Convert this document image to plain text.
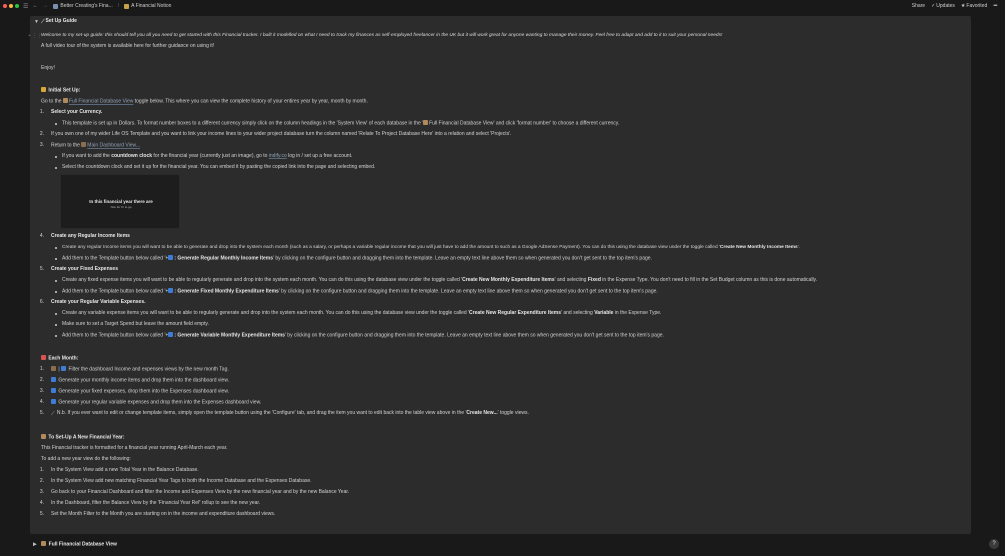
☰ ← → Better Creating's Fina... / A Financial Notion	Share ✓Updates ★Favorited •••
▼ ⟋Set Up Guide
+ ⋮⋮
Welcome to my set-up guide: this should tell you all you need to get started with this Financial tracker. I built it modelled on what I need to track my finances as self-employed freelancer in the UK but it will work great for anyone wanting to manage their money. Feel free to adapt and add to it to suit your personal needs!
A full video tour of the system is available here for further guidance on using it!
Enjoy!
Initial Set Up:
Go to the Full Financial Database View toggle below. This where you can view the complete history of your entires year by year, month by month.
1. Select your Currency.
This template is set up in Dollars. To format number boxes to a different currency simply click on the column headings in the 'System View' of each database in the ' Full Financial Database View' and click 'format number' to choose a different currency.
2. If you own one of my wider Life OS Template and you want to link your income lines to your wider project database turn the column named 'Relate To Project Database Here' into a relation and select 'Projects'.
3. Return to the Main Dashboard View...
If you want to add the countdown clock for the financial year (currently just an image), go to indify.co log in / set up a free account.
Select the countdown clock and set it up for the financial year. You can embed it by pasting the copied link into the page and selecting embed.
In this financial year there are
Nov 1k 7c to go
4. Create any Regular Income Items
Create any regular Income items you will want to be able to generate and drop into the system each month (such as a salary, or perhaps a variable regular income that you will just have to add the amount to such as a Google AdSense Payment). You can do this using the database view under the toggle called 'Create New Monthly Income Items'.
Add them to the Template button below called '+ : Generate Regular Monthly Income Items' by clicking on the configure button and dragging them into the template. Leave an empty text line above them so when generated you don't get sent to the top item's page.
5. Create your Fixed Expenses
Create any fixed expense items you will want to be able to regularly generate and drop into the system each month. You can do this using the database view under the toggle called 'Create New Monthly Expenditure Items' and selecting Fixed in the Expense Type. You don't need to fill in the Set Budget column as this is done automatically.
Add them to the Template button below called '+ : Generate Fixed Monthly Expenditure Items' by clicking on the configure button and dragging them into the template. Leave an empty text line above them so when generated you don't get sent to the top item's page.
6. Create your Regular Variable Expenses.
Create any variable expense items you will want to be able to regularly generate and drop into the system each month. You can do this using the database view under the toggle called 'Create New Regular Expenditure Items' and selecting Variable in the Expense Type.
Make sure to set a Target Spend but leave the amount field empty.
Add them to the Template button below called '+ : Generate Variable Monthly Expenditure Items' by clicking on the configure button and dragging them into the template. Leave an empty text line above them so when generated you don't get sent to the top item's page.
Each Month:
1.	|  Filter the dashboard Income and expenses views by the new month Tag.
2.	Generate your monthly income items and drop them into the dashboard view.
3.	Generate your fixed expenses, drop them into the Expenses dashboard view.
4.	Generate your regular variable expenses and drop them into the Expenses dashboard view.
5. ⟋ N.b. If you ever want to edit or change template items, simply open the template button using the 'Configure' tab, and drag the item you want to edit back into the table view above in the 'Create New...' toggle views.
To Set-Up A New Financial Year:
This Financial tracker is formatted for a financial year running April-March each year.
To add a new year view do the following:
1. In the System View add a new Total Year in the Balance Database.
2. In the System View add new matching Financial Year Tags to both the Income Database and the Expenses Database.
3. Go back to your Financial Dashboard and filter the Income and Expenses View by the new financial year and by the new Balance Year.
4. In the Dashboard, filter the Balance View by the 'Financial Year Ref' rollup to see the new year.
5. Set the Month Filter to the Month you are starting on in the income and expenditure dashboard views.
▶ Full Financial Database View	?
